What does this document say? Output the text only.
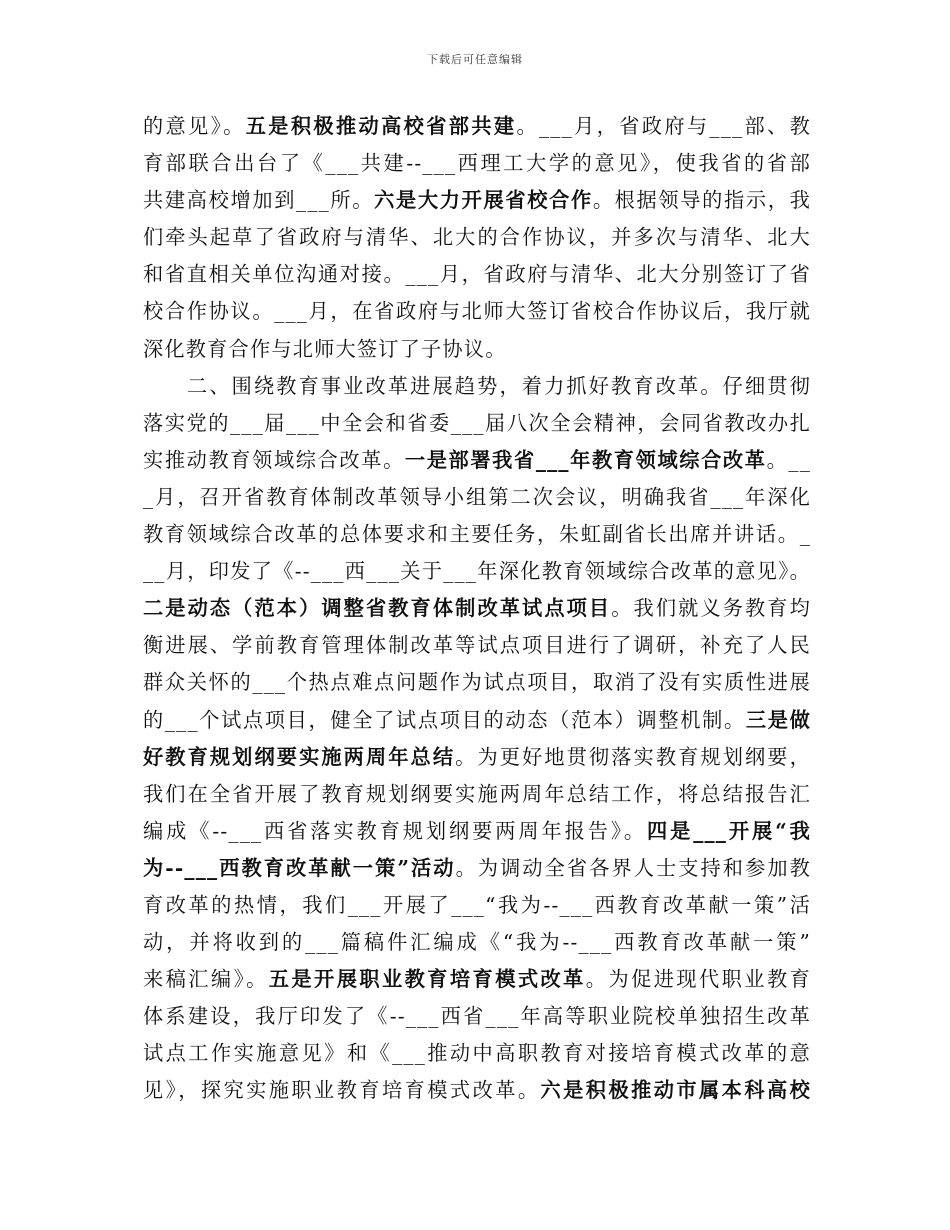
下载后可任意编辑
的意见》。五是积极推动高校省部共建。___月，省政府与___部、教
育部联合出台了《___共建--___西理工大学的意见》，使我省的省部
共建高校增加到___所。六是大力开展省校合作。根据领导的指示，我
们牵头起草了省政府与清华、北大的合作协议，并多次与清华、北大
和省直相关单位沟通对接。___月，省政府与清华、北大分别签订了省
校合作协议。___月，在省政府与北师大签订省校合作协议后，我厅就
深化教育合作与北师大签订了子协议。
二、围绕教育事业改革进展趋势，着力抓好教育改革。仔细贯彻
落实党的___届___中全会和省委___届八次全会精神，会同省教改办扎
实推动教育领域综合改革。一是部署我省___年教育领域综合改革。__
_月，召开省教育体制改革领导小组第二次会议，明确我省___年深化
教育领域综合改革的总体要求和主要任务，朱虹副省长出席并讲话。_
__月，印发了《--___西___关于___年深化教育领域综合改革的意见》。
二是动态（范本）调整省教育体制改革试点项目。我们就义务教育均
衡进展、学前教育管理体制改革等试点项目进行了调研，补充了人民
群众关怀的___个热点难点问题作为试点项目，取消了没有实质性进展
的___个试点项目，健全了试点项目的动态（范本）调整机制。三是做
好教育规划纲要实施两周年总结。为更好地贯彻落实教育规划纲要，
我们在全省开展了教育规划纲要实施两周年总结工作，将总结报告汇
编成《--___西省落实教育规划纲要两周年报告》。四是___开展“我
为--___西教育改革献一策”活动。为调动全省各界人士支持和参加教
育改革的热情，我们___开展了___“我为--___西教育改革献一策”活
动，并将收到的___篇稿件汇编成《“我为--___西教育改革献一策”
来稿汇编》。五是开展职业教育培育模式改革。为促进现代职业教育
体系建设，我厅印发了《--___西省___年高等职业院校单独招生改革
试点工作实施意见》和《___推动中高职教育对接培育模式改革的意
见》，探究实施职业教育培育模式改革。六是积极推动市属本科高校
